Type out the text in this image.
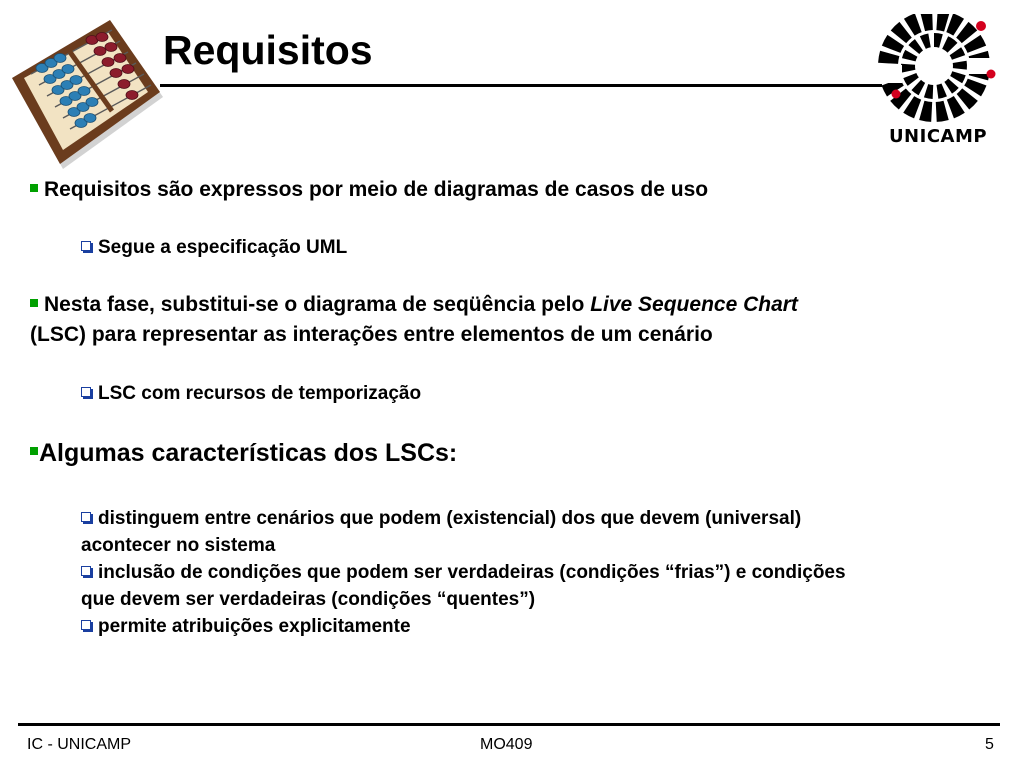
Requisitos
UNICAMP

Requisitos são expressos por meio de diagramas de casos de uso

Segue a especificação UML

Nesta fase, substitui-se o diagrama de seqüência pelo Live Sequence Chart
(LSC) para representar as interações entre elementos de um cenário

LSC com recursos de temporização

Algumas características dos LSCs:

distinguem entre cenários que podem (existencial) dos que devem (universal)
acontecer no sistema

inclusão de condições que podem ser verdadeiras (condições “frias”) e condições
que devem ser verdadeiras (condições “quentes”)

permite atribuições explicitamente

IC - UNICAMP	MO409	5
